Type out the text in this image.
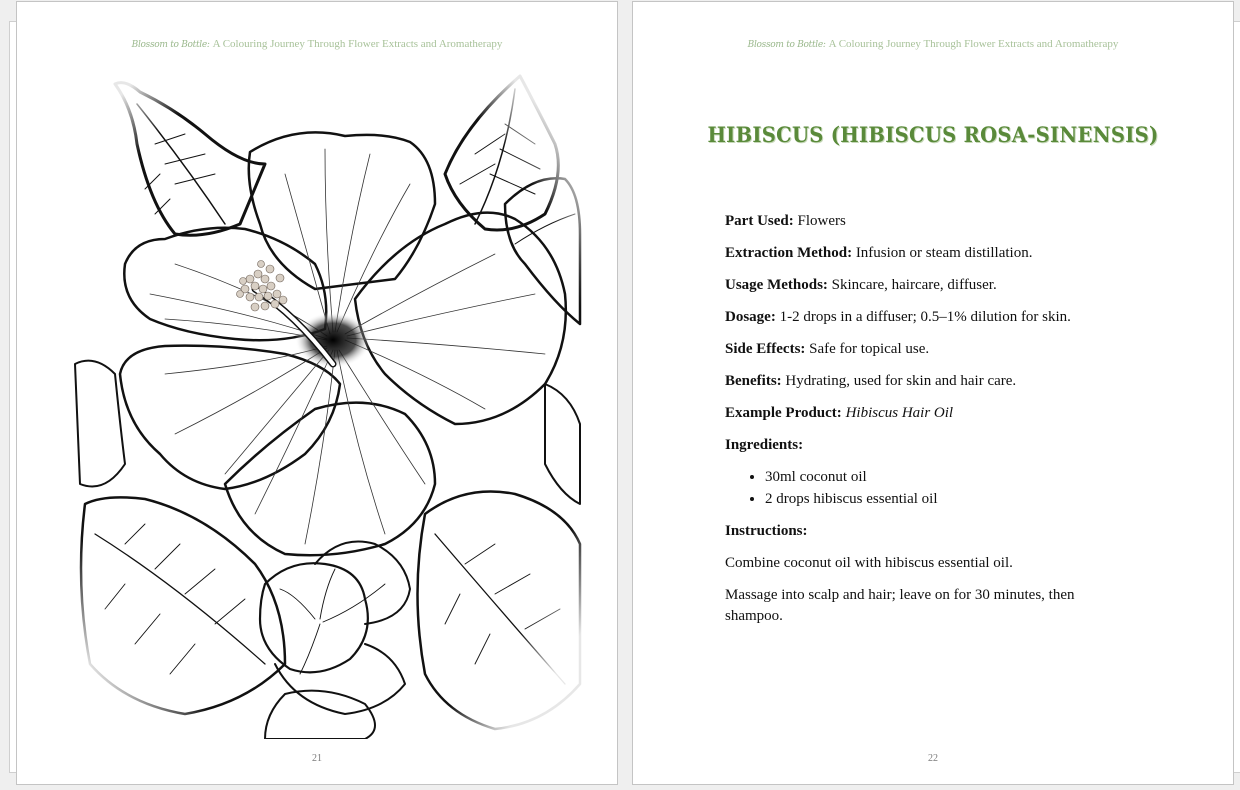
Blossom to Bottle: A Colouring Journey Through Flower Extracts and Aromatherapy
21
Blossom to Bottle: A Colouring Journey Through Flower Extracts and Aromatherapy
HIBISCUS (HIBISCUS ROSA-SINENSIS)

Part Used: Flowers

Extraction Method: Infusion or steam distillation.

Usage Methods: Skincare, haircare, diffuser.

Dosage: 1-2 drops in a diffuser; 0.5–1% dilution for skin.

Side Effects: Safe for topical use.

Benefits: Hydrating, used for skin and hair care.

Example Product: Hibiscus Hair Oil

Ingredients:

• 30ml coconut oil
• 2 drops hibiscus essential oil

Instructions:

Combine coconut oil with hibiscus essential oil.

Massage into scalp and hair; leave on for 30 minutes, then shampoo.

22
